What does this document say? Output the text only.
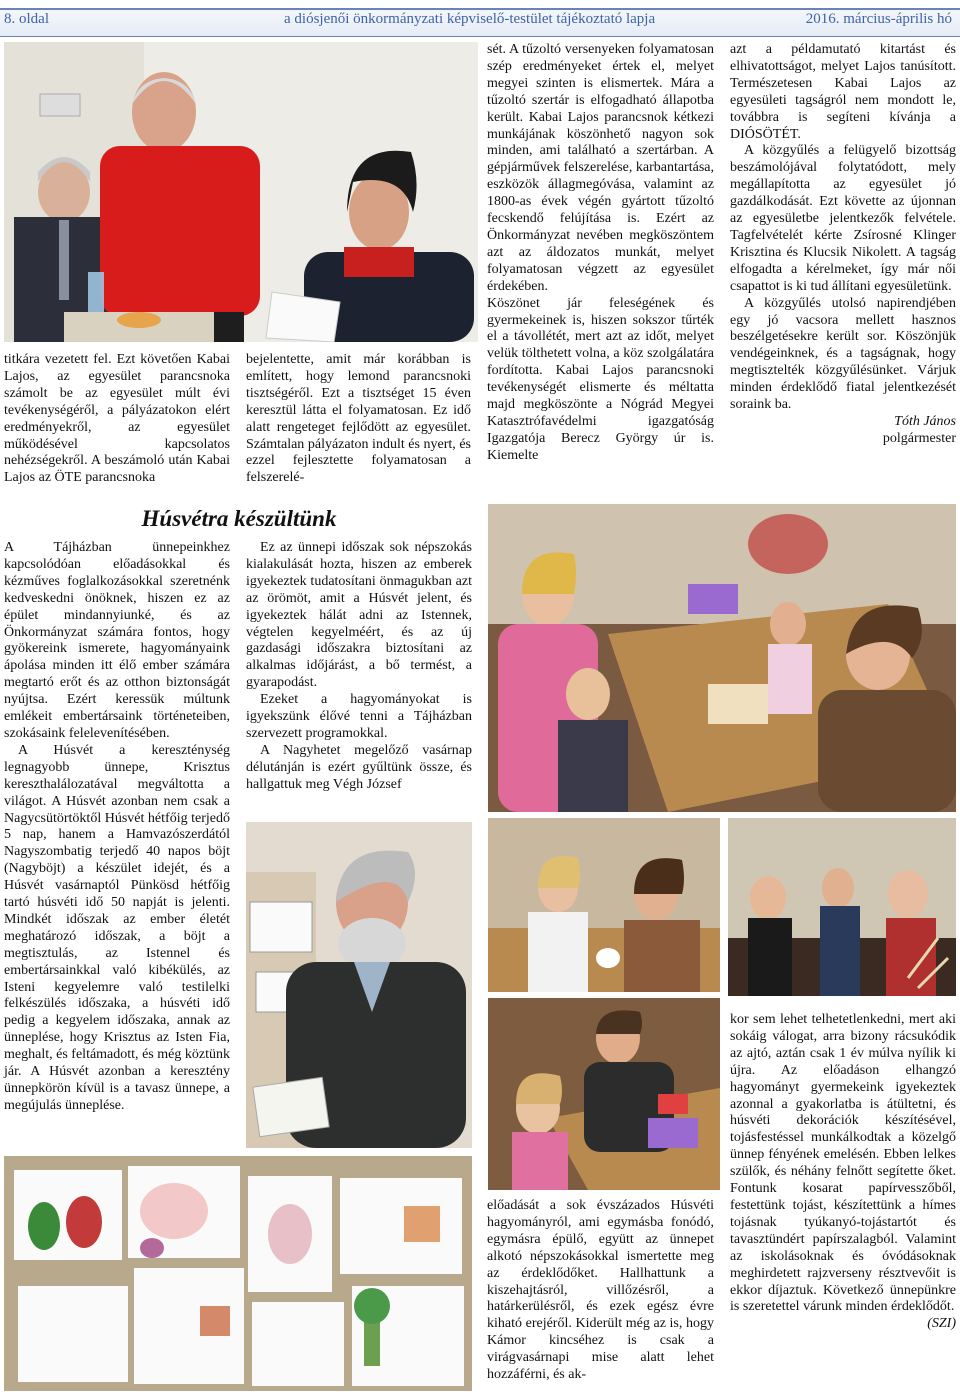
8. oldal	a diósjenői önkormányzati képviselő-testület tájékoztató lapja	2016. március-április hó

titkára vezetett fel. Ezt követően Kabai Lajos, az egyesület parancsnoka számolt be az egyesület múlt évi tevékenységéről, a pályázatokon elért eredményekről, az egyesület működésével kapcsolatos nehézségekről. A beszámoló után Kabai Lajos az ÖTE parancsnoka

bejelentette, amit már korábban is említett, hogy lemond parancsnoki tisztségéről. Ezt a tisztséget 15 éven keresztül látta el folyamatosan. Ez idő alatt rengeteget fejlődött az egyesület. Számtalan pályázaton indult és nyert, és ezzel fejlesztette folyamatosan a felszerelé-

sét. A tűzoltó versenyeken folyamatosan szép eredményeket értek el, melyet megyei szinten is elismertek. Mára a tűzoltó szertár is elfogadható állapotba került. Kabai Lajos parancsnok kétkezi munkájának köszönhető nagyon sok minden, ami található a szertárban. A gépjárművek felszerelése, karbantartása, eszközök állagmegóvása, valamint az 1800-as évek végén gyártott tűzoltó fecskendő felújítása is. Ezért az Önkormányzat nevében megköszöntem azt az áldozatos munkát, melyet folyamatosan végzett az egyesület érdekében.

Köszönet jár feleségének és gyermekeinek is, hiszen sokszor tűrték el a távollétét, mert azt az időt, melyet velük tölthetett volna, a köz szolgálatára fordította. Kabai Lajos parancsnoki tevékenységét elismerte és méltatta majd megköszönte a Nógrád Megyei Katasztrófavédelmi igazgatóság Igazgatója Berecz György úr is. Kiemelte

azt a példamutató kitartást és elhivatottságot, melyet Lajos tanúsított. Természetesen Kabai Lajos az egyesületi tagságról nem mondott le, továbbra is segíteni kívánja a DIÓSÖTÉT.

A közgyűlés a felügyelő bizottság beszámolójával folytatódott, mely megállapította az egyesület jó gazdálkodását. Ezt követte az újonnan az egyesületbe jelentkezők felvétele. Tagfelvételét kérte Zsírosné Klinger Krisztina és Klucsik Nikolett. A tagság elfogadta a kérelmeket, így már női csapattot is ki tud állítani egyesületünk.

A közgyűlés utolsó napirendjében egy jó vacsora mellett hasznos beszélgetésekre került sor. Köszönjük vendégeinknek, és a tagságnak, hogy megtisztelték közgyűlésünket. Várjuk minden érdeklődő fiatal jelentkezését soraink ba.

Tóth János

polgármester

Húsvétra készültünk

A Tájházban ünnepeinkhez kapcsolódóan előadásokkal és kézműves foglalkozásokkal szeretnénk kedveskedni önöknek, hiszen ez az épület mindannyiunké, és az Önkormányzat számára fontos, hogy gyökereink ismerete, hagyományaink ápolása minden itt élő ember számára megtartó erőt és az otthon biztonságát nyújtsa. Ezért keressük múltunk emlékeit embertársaink történeteiben, szokásaink felelevenítésében.

A Húsvét a kereszténység legnagyobb ünnepe, Krisztus kereszthalálozatával megváltotta a világot. A Húsvét azonban nem csak a Nagycsütörtöktől Húsvét hétfőig terjedő 5 nap, hanem a Hamvazószerdától Nagyszombatig terjedő 40 napos böjt (Nagyböjt) a készület idejét, és a Húsvét vasárnaptól Pünkösd hétfőig tartó húsvéti idő 50 napját is jelenti. Mindkét időszak az ember életét meghatározó időszak, a böjt a megtisztulás, az Istennel és embertársainkkal való kibékülés, az Isteni kegyelemre való testilelki felkészülés időszaka, a húsvéti idő pedig a kegyelem időszaka, annak az ünneplése, hogy Krisztus az Isten Fia, meghalt, és feltámadott, és még köztünk jár. A Húsvét azonban a keresztény ünnepkörön kívül is a tavasz ünnepe, a megújulás ünneplése.

Ez az ünnepi időszak sok népszokás kialakulását hozta, hiszen az emberek igyekeztek tudatosítani önmagukban azt az örömöt, amit a Húsvét jelent, és igyekeztek hálát adni az Istennek, végtelen kegyelméért, és az új gazdasági időszakra biztosítani az alkalmas időjárást, a bő termést, a gyarapodást.

Ezeket a hagyományokat is igyekszünk élővé tenni a Tájházban szervezett programokkal.

A Nagyhetet megelőző vasárnap délutánján is ezért gyűltünk össze, és hallgattuk meg Végh József

előadását a sok évszázados Húsvéti hagyományról, ami egymásba fonódó, egymásra épülő, együtt az ünnepet alkotó népszokásokkal ismertette meg az érdeklődőket. Hallhattunk a kiszehajtásról, villőzésről, a határkerülésről, és ezek egész évre kiható erejéről. Kiderült még az is, hogy Kámor kincséhez is csak a virágvasárnapi mise alatt lehet hozzáférni, és ak-

kor sem lehet telhetetlenkedni, mert aki sokáig válogat, arra bizony rácsukódik az ajtó, aztán csak 1 év múlva nyílik ki újra. Az előadáson elhangzó hagyományt gyermekeink igyekeztek azonnal a gyakorlatba is átültetni, és húsvéti dekorációk készítésével, tojásfestéssel munkálkodtak a közelgő ünnep fényének emelésén. Ebben lelkes szülők, és néhány felnőtt segítette őket. Fontunk kosarat papírvesszőből, festettünk tojást, készítettünk a hímes tojásnak tyúkanyó-tojástartót és tavasztündért papírszalagból. Valamint az iskolásoknak és óvódásoknak meghirdetett rajzverseny résztvevőit is ekkor díjaztuk. Következő ünnepünkre is szeretettel várunk minden érdeklődőt.

(SZI)
